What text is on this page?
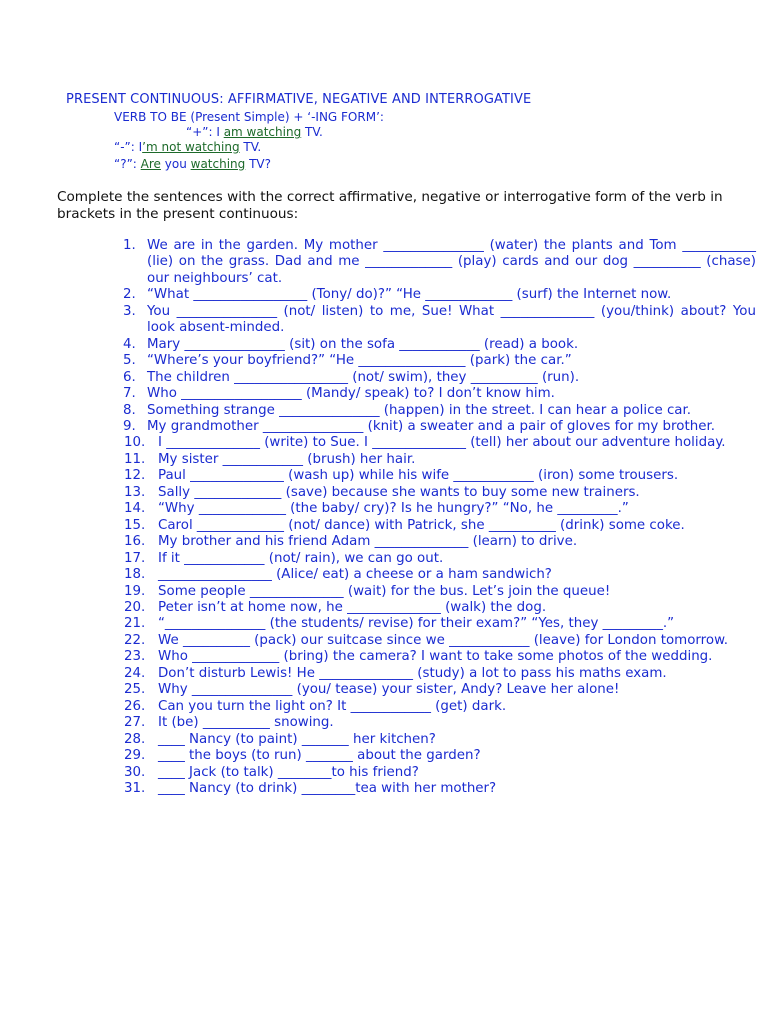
PRESENT CONTINUOUS: AFFIRMATIVE, NEGATIVE AND INTERROGATIVE
VERB TO BE (Present Simple) + ‘-ING FORM’:
“+”: I am watching TV.
“-”: I’m not watching TV.
“?”: Are you watching TV?

Complete the sentences with the correct affirmative, negative or interrogative form of the verb in brackets in the present continuous:

1. We are in the garden. My mother _______________ (water) the plants and Tom ___________ (lie) on the grass. Dad and me _____________ (play) cards and our dog __________ (chase) our neighbours’ cat.
2. “What _________________ (Tony/ do)?” “He _____________ (surf) the Internet now.
3. You _______________ (not/ listen) to me, Sue! What ______________ (you/think) about? You look absent-minded.
4. Mary _______________ (sit) on the sofa ____________ (read) a book.
5. “Where’s your boyfriend?” “He ________________ (park) the car.”
6. The children _________________ (not/ swim), they __________ (run).
7. Who __________________ (Mandy/ speak) to? I don’t know him.
8. Something strange _______________ (happen) in the street. I can hear a police car.
9. My grandmother _______________ (knit) a sweater and a pair of gloves for my brother.
10. I ______________ (write) to Sue. I ______________ (tell) her about our adventure holiday.
11. My sister ____________ (brush) her hair.
12. Paul ______________ (wash up) while his wife ____________ (iron) some trousers.
13. Sally _____________ (save) because she wants to buy some new trainers.
14. “Why _____________ (the baby/ cry)? Is he hungry?” “No, he _________.”
15. Carol _____________ (not/ dance) with Patrick, she __________ (drink) some coke.
16. My brother and his friend Adam ______________ (learn) to drive.
17. If it ____________ (not/ rain), we can go out.
18. _________________ (Alice/ eat) a cheese or a ham sandwich?
19. Some people ______________ (wait) for the bus. Let’s join the queue!
20. Peter isn’t at home now, he ______________ (walk) the dog.
21. “_______________ (the students/ revise) for their exam?” “Yes, they _________.”
22. We __________ (pack) our suitcase since we ____________ (leave) for London tomorrow.
23. Who _____________ (bring) the camera? I want to take some photos of the wedding.
24. Don’t disturb Lewis! He ______________ (study) a lot to pass his maths exam.
25. Why _______________ (you/ tease) your sister, Andy? Leave her alone!
26. Can you turn the light on? It ____________ (get) dark.
27. It (be) __________ snowing.
28. ____ Nancy (to paint) _______ her kitchen?
29. ____ the boys (to run) _______ about the garden?
30. ____ Jack (to talk) ________to his friend?
31. ____ Nancy (to drink) ________tea with her mother?
